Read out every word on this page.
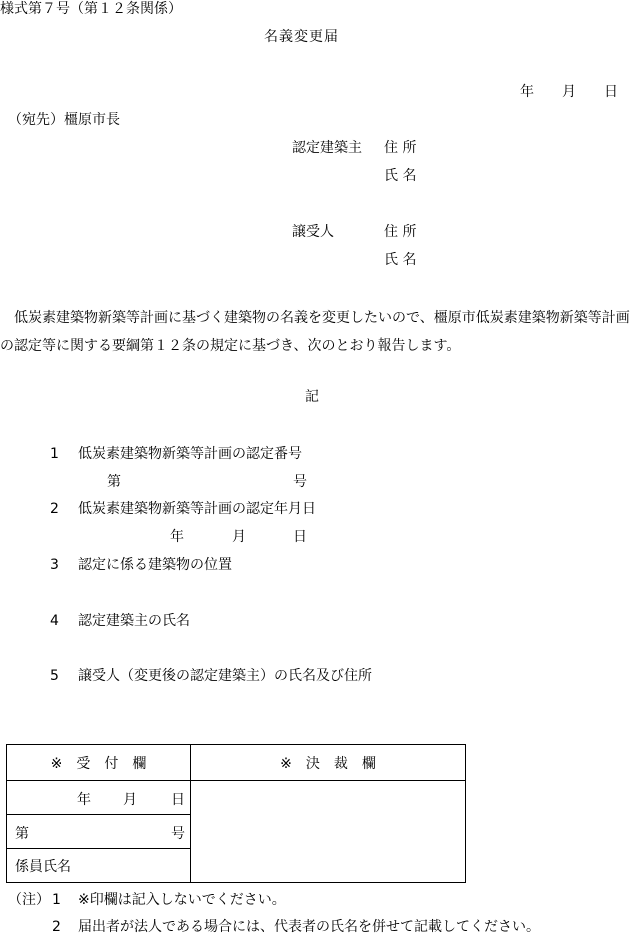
様式第７号（第１２条関係）
名義変更届
年　　月　　日
（宛先）橿原市長
認定建築主 住 所
氏 名
譲受人	住 所
氏 名
　低炭素建築物新築等計画に基づく建築物の名義を変更したいので、橿原市低炭素建築物新築等計画の認定等に関する要綱第１２条の規定に基づき、次のとおり報告します。
記
1 低炭素建築物新築等計画の認定番号
第	号
2 低炭素建築物新築等計画の認定年月日
年	月	日
3 認定に係る建築物の位置
4 認定建築主の氏名
5 譲受人（変更後の認定建築主）の氏名及び住所
※　受　付　欄	※　決　裁　欄

年 月 日	

第 号	

係員氏名	
（注） 1 ※印欄は記入しないでください。
2 届出者が法人である場合には、代表者の氏名を併せて記載してください。
